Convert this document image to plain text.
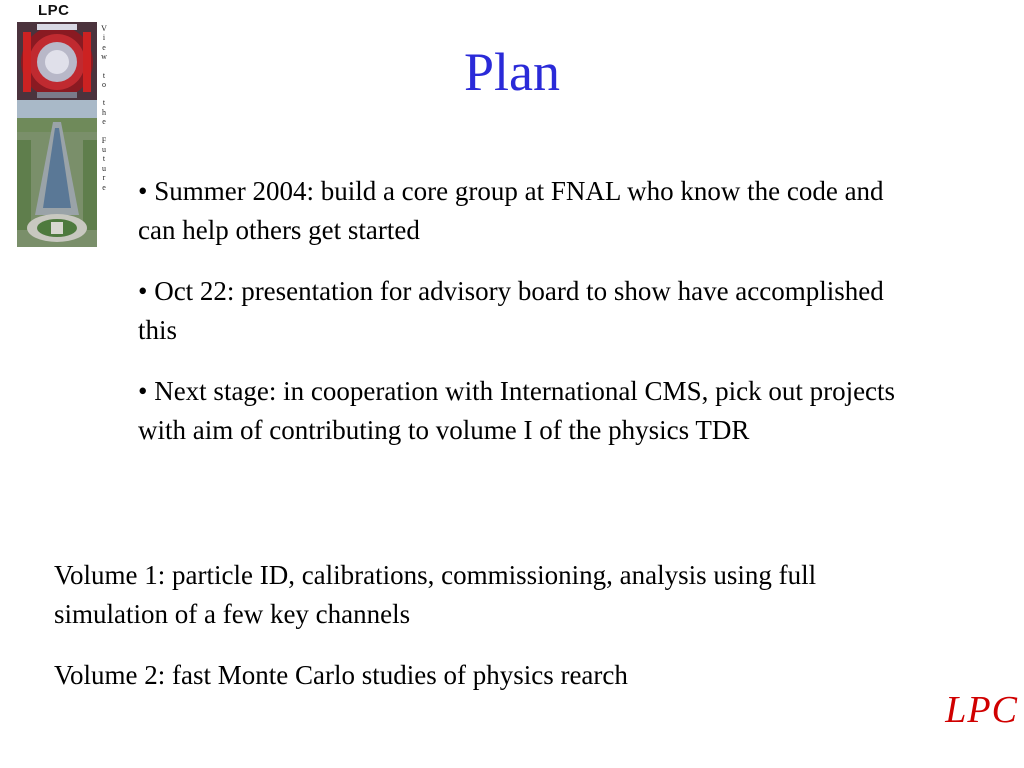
LPC
V
i
e
w
t
o
t
h
e
F
u
t
u
r
e
Plan

• Summer 2004: build a core group at FNAL who know the code and can help others get started

• Oct 22: presentation for advisory board to show have accomplished this

• Next stage: in cooperation with International CMS, pick out projects with aim of contributing to volume I of the physics TDR

Volume 1: particle ID, calibrations, commissioning, analysis using full simulation of a few key channels

Volume 2: fast Monte Carlo studies of physics rearch

LPC
